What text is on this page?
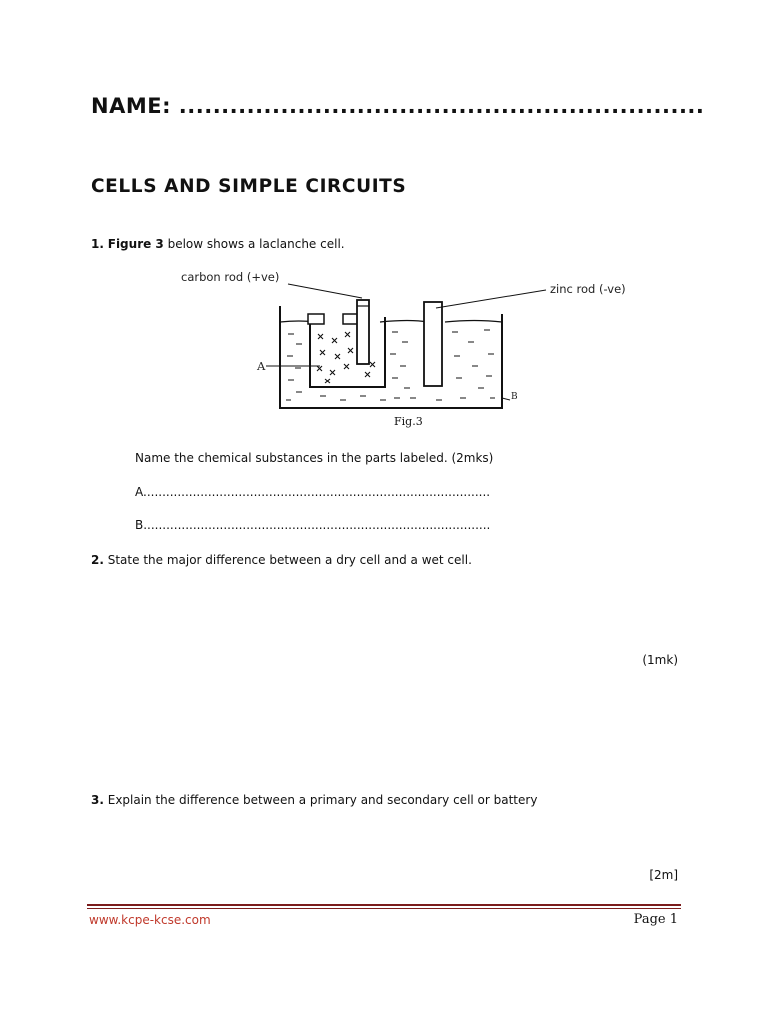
NAME: ..............................................................
CELLS AND SIMPLE CIRCUITS
1. Figure 3 below shows a laclanche cell.
carbon rod (+ve)
zinc rod (-ve)
A
B
Fig.3
Name the chemical substances in the parts labeled. (2mks)
A...........................................................................................
B...........................................................................................
2. State the major difference between a dry cell and a wet cell.
(1mk)
3. Explain the difference between a primary and secondary cell or battery
[2m]
www.kcpe-kcse.com	Page 1
